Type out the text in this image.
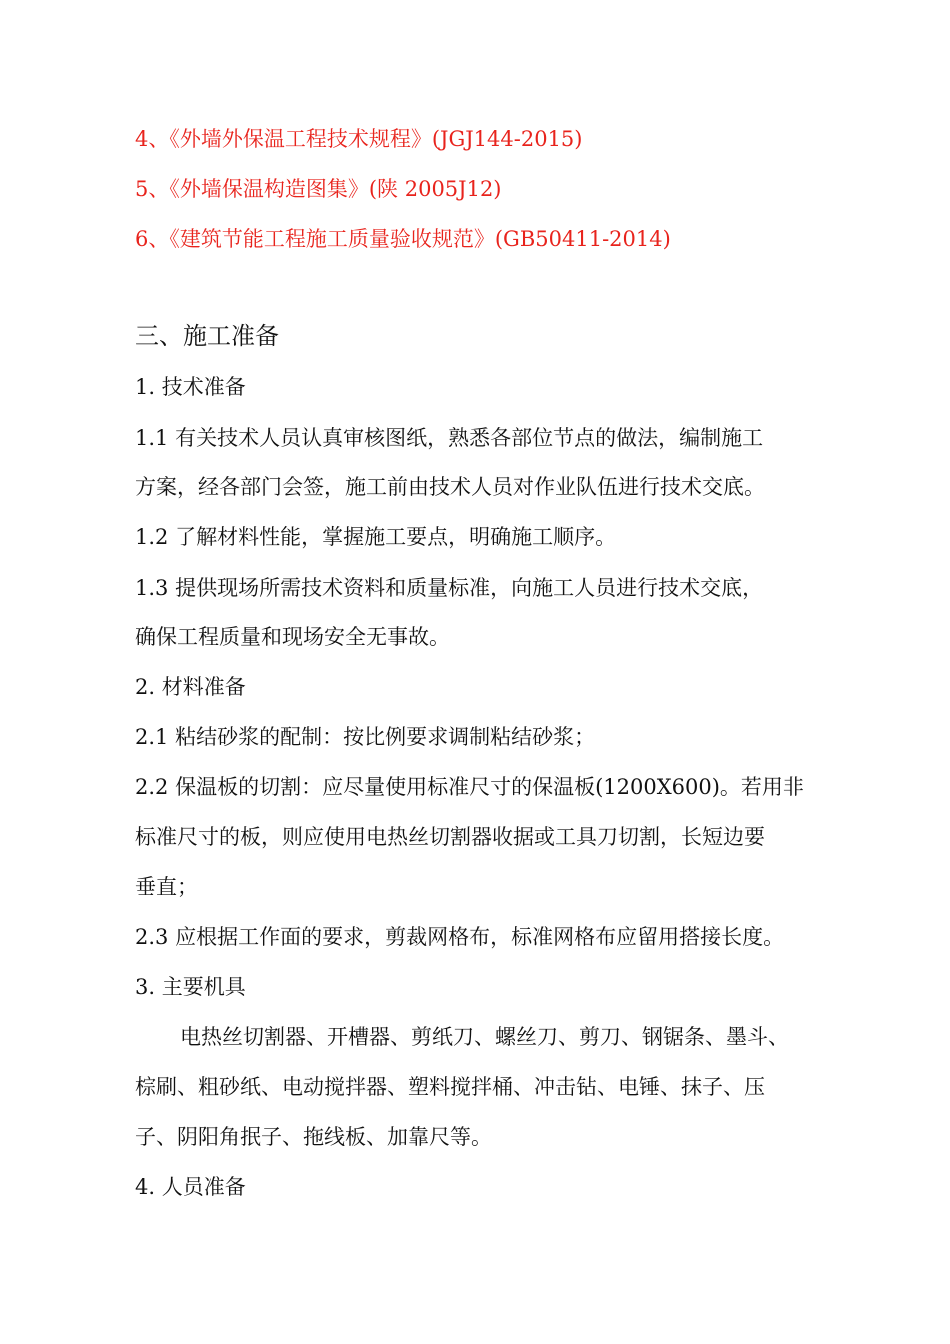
4、《外墙外保温工程技术规程》(JGJ144-2015)

5、《外墙保温构造图集》(陕 2005J12)

6、《建筑节能工程施工质量验收规范》(GB50411-2014)

三、施工准备

1. 技术准备

1.1 有关技术人员认真审核图纸，熟悉各部位节点的做法，编制施工

方案，经各部门会签，施工前由技术人员对作业队伍进行技术交底。

1.2 了解材料性能，掌握施工要点，明确施工顺序。

1.3 提供现场所需技术资料和质量标准，向施工人员进行技术交底，

确保工程质量和现场安全无事故。

2. 材料准备

2.1 粘结砂浆的配制：按比例要求调制粘结砂浆；

2.2 保温板的切割：应尽量使用标准尺寸的保温板(1200X600)。若用非

标准尺寸的板，则应使用电热丝切割器收据或工具刀切割，长短边要

垂直；

2.3 应根据工作面的要求，剪裁网格布，标准网格布应留用搭接长度。

3. 主要机具

电热丝切割器、开槽器、剪纸刀、螺丝刀、剪刀、钢锯条、墨斗、

棕刷、粗砂纸、电动搅拌器、塑料搅拌桶、冲击钻、电锤、抹子、压

子、阴阳角抿子、拖线板、加靠尺等。

4. 人员准备
